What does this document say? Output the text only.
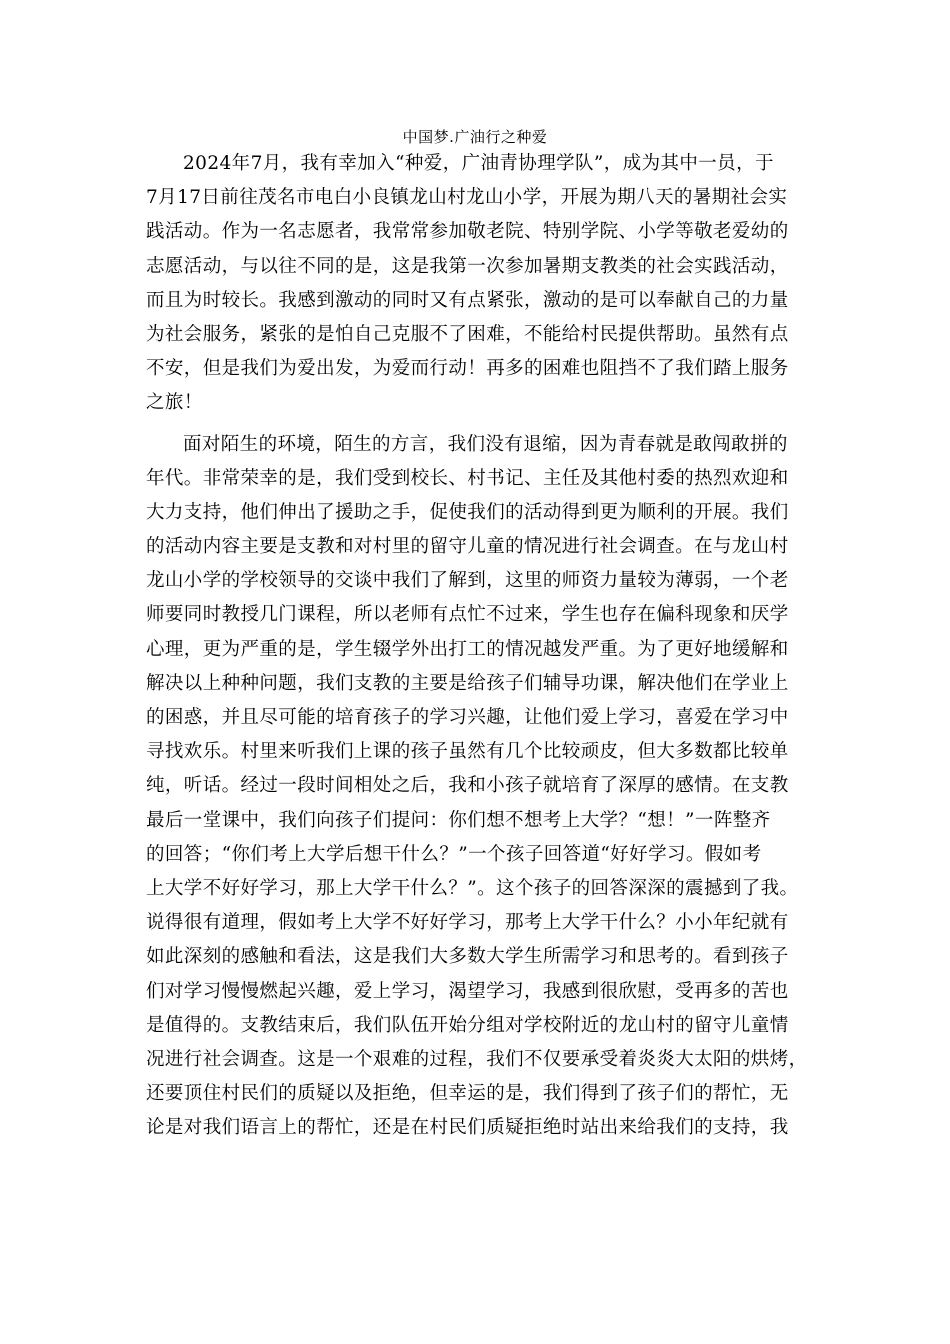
中国梦.广油行之种爱
2024年7月，我有幸加入“种爱，广油青协理学队”，成为其中一员，于
7月17日前往茂名市电白小良镇龙山村龙山小学，开展为期八天的暑期社会实
践活动。作为一名志愿者，我常常参加敬老院、特别学院、小学等敬老爱幼的
志愿活动，与以往不同的是，这是我第一次参加暑期支教类的社会实践活动，
而且为时较长。我感到激动的同时又有点紧张，激动的是可以奉献自己的力量
为社会服务，紧张的是怕自己克服不了困难，不能给村民提供帮助。虽然有点
不安，但是我们为爱出发，为爱而行动！再多的困难也阻挡不了我们踏上服务
之旅！
面对陌生的环境，陌生的方言，我们没有退缩，因为青春就是敢闯敢拼的
年代。非常荣幸的是，我们受到校长、村书记、主任及其他村委的热烈欢迎和
大力支持，他们伸出了援助之手，促使我们的活动得到更为顺利的开展。我们
的活动内容主要是支教和对村里的留守儿童的情况进行社会调查。在与龙山村
龙山小学的学校领导的交谈中我们了解到，这里的师资力量较为薄弱，一个老
师要同时教授几门课程，所以老师有点忙不过来，学生也存在偏科现象和厌学
心理，更为严重的是，学生辍学外出打工的情况越发严重。为了更好地缓解和
解决以上种种问题，我们支教的主要是给孩子们辅导功课，解决他们在学业上
的困惑，并且尽可能的培育孩子的学习兴趣，让他们爱上学习，喜爱在学习中
寻找欢乐。村里来听我们上课的孩子虽然有几个比较顽皮，但大多数都比较单
纯，听话。经过一段时间相处之后，我和小孩子就培育了深厚的感情。在支教
最后一堂课中，我们向孩子们提问：你们想不想考上大学？“想！”一阵整齐
的回答；“你们考上大学后想干什么？”一个孩子回答道“好好学习。假如考
上大学不好好学习，那上大学干什么？”。这个孩子的回答深深的震撼到了我。
说得很有道理，假如考上大学不好好学习，那考上大学干什么？小小年纪就有
如此深刻的感触和看法，这是我们大多数大学生所需学习和思考的。看到孩子
们对学习慢慢燃起兴趣，爱上学习，渴望学习，我感到很欣慰，受再多的苦也
是值得的。支教结束后，我们队伍开始分组对学校附近的龙山村的留守儿童情
况进行社会调查。这是一个艰难的过程，我们不仅要承受着炎炎大太阳的烘烤，
还要顶住村民们的质疑以及拒绝，但幸运的是，我们得到了孩子们的帮忙，无
论是对我们语言上的帮忙，还是在村民们质疑拒绝时站出来给我们的支持，我
